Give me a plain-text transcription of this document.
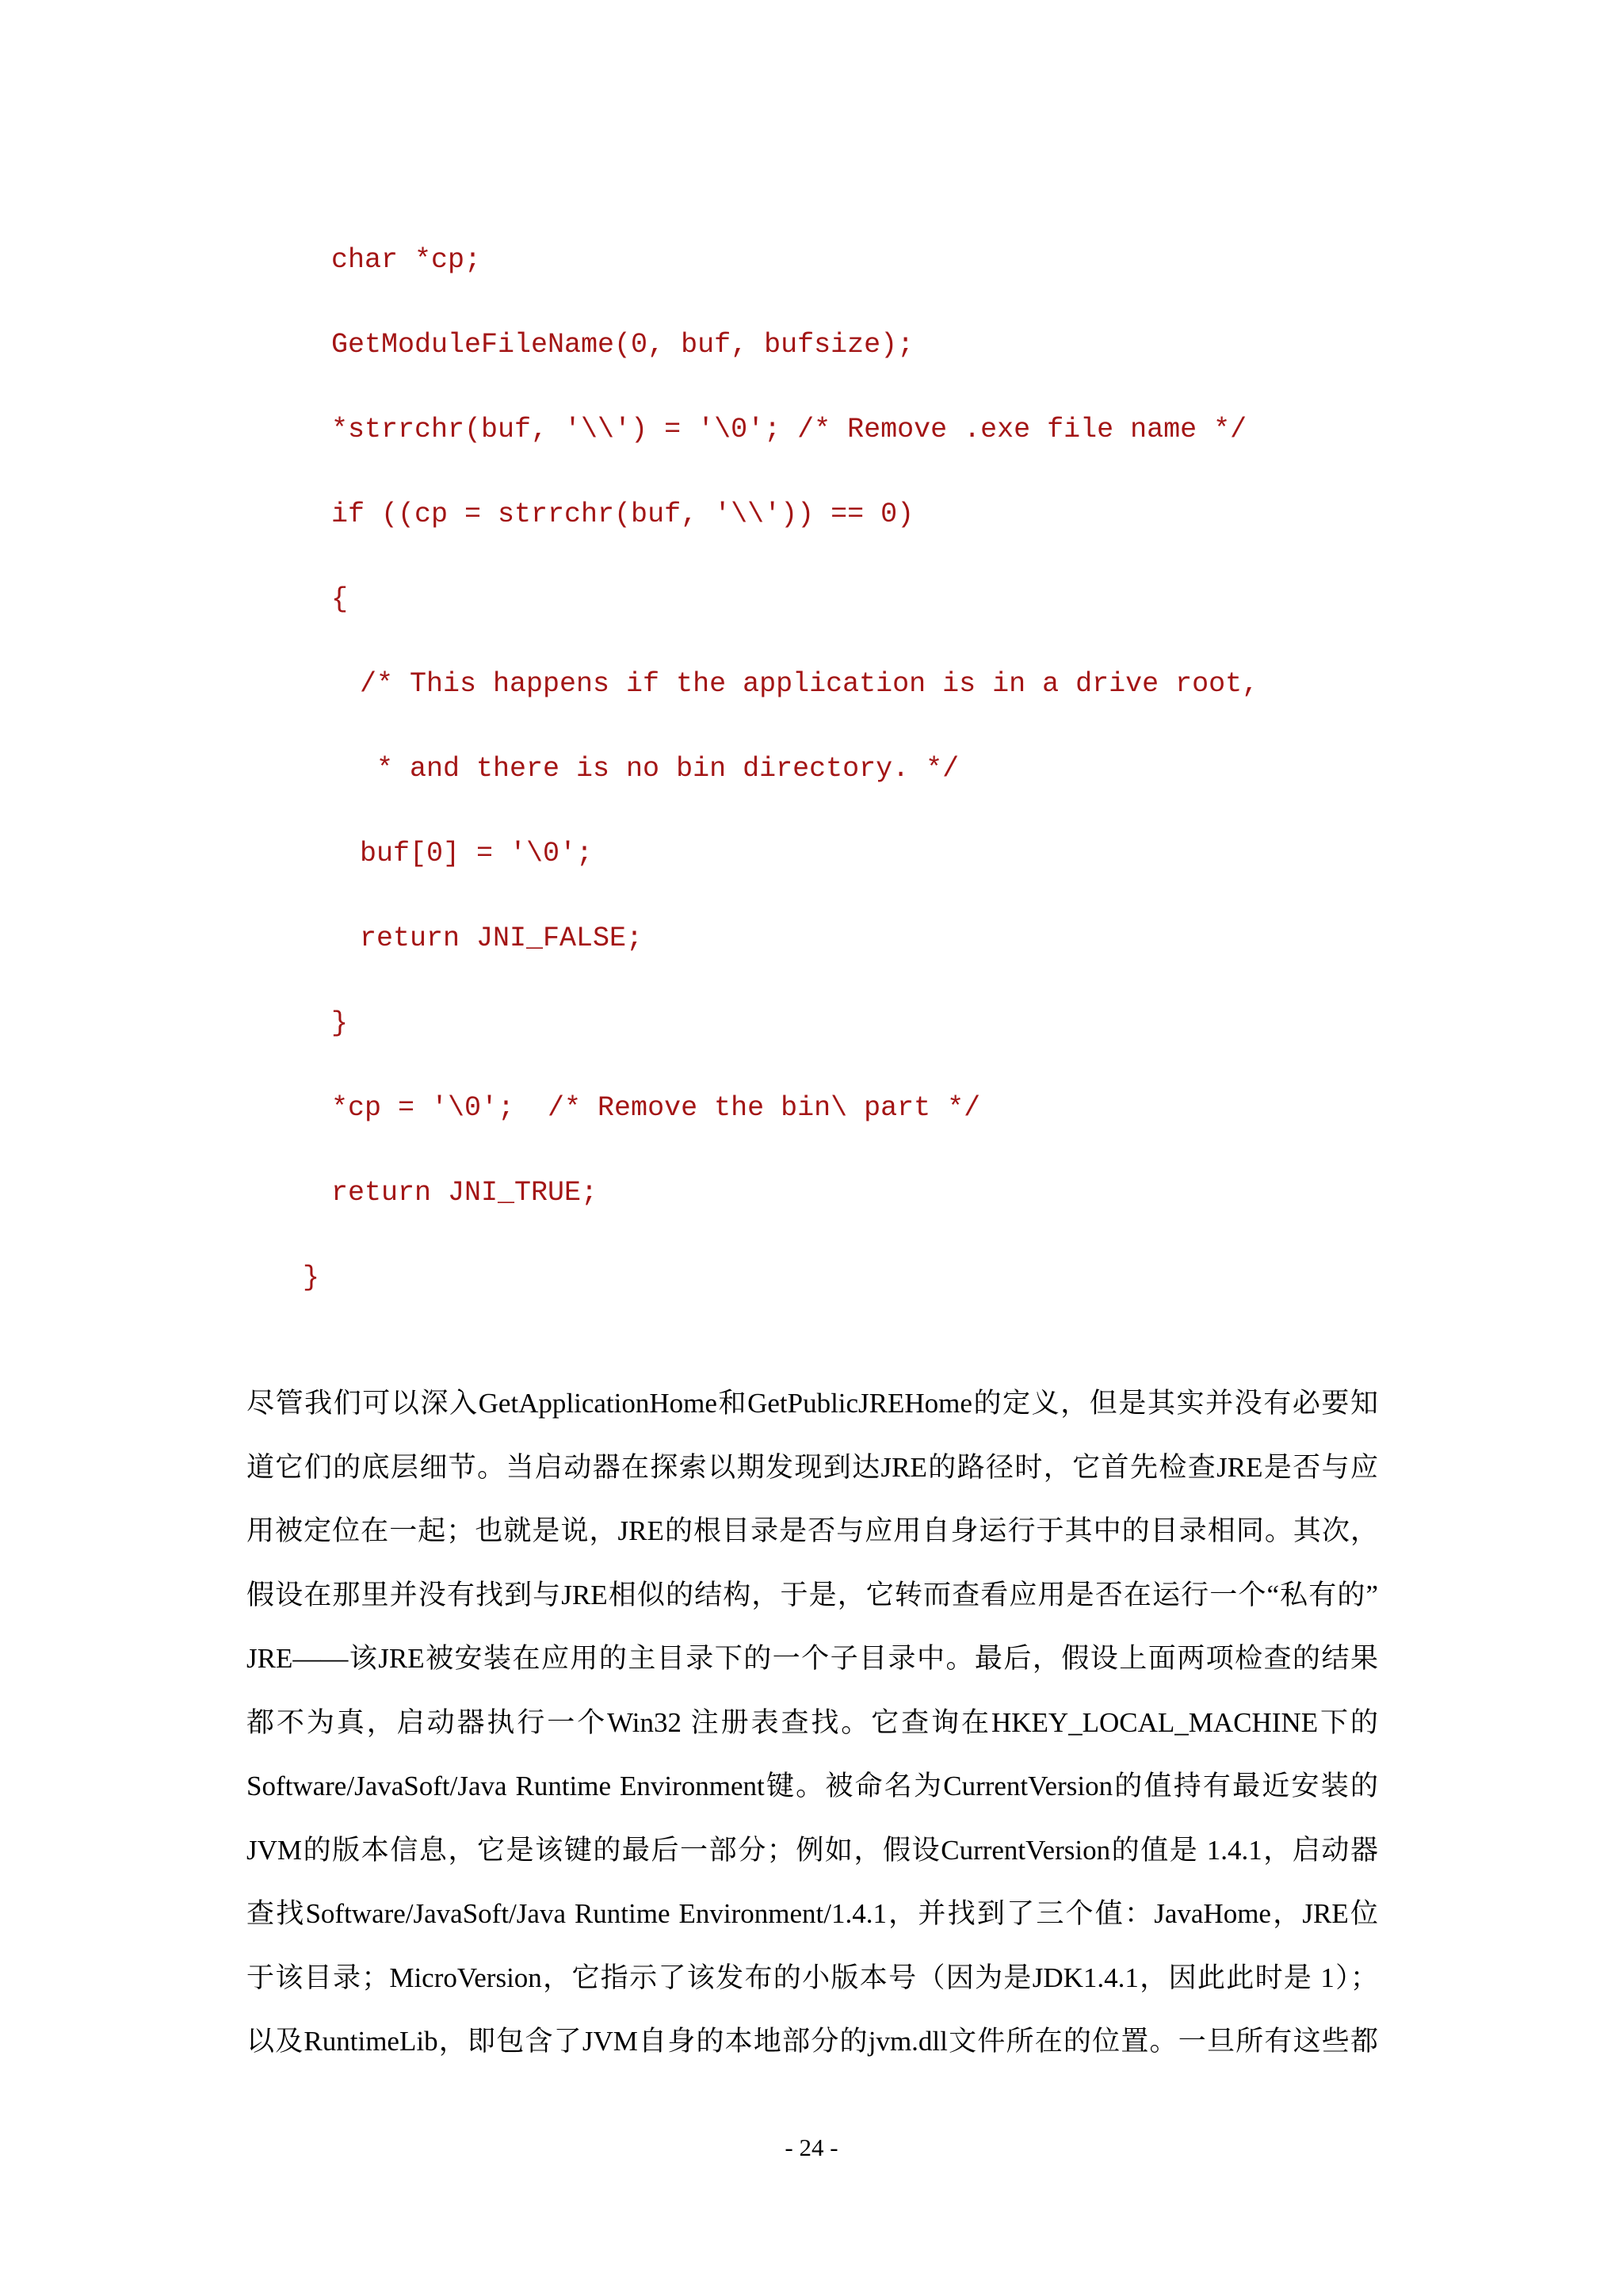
char *cp;
GetModuleFileName(0, buf, bufsize);
*strrchr(buf, '\\') = '\0'; /* Remove .exe file name */
if ((cp = strrchr(buf, '\\')) == 0)
{
/* This happens if the application is in a drive root,
* and there is no bin directory. */
buf[0] = '\0';
return JNI_FALSE;
}
*cp = '\0';  /* Remove the bin\ part */
return JNI_TRUE;
}
尽管我们可以深入GetApplicationHome和GetPublicJREHome的定义，但是其实并没有必要知
道它们的底层细节。当启动器在探索以期发现到达JRE的路径时，它首先检查JRE是否与应
用被定位在一起；也就是说，JRE的根目录是否与应用自身运行于其中的目录相同。其次，
假设在那里并没有找到与JRE相似的结构，于是，它转而查看应用是否在运行一个“私有的”
JRE——该JRE被安装在应用的主目录下的一个子目录中。最后，假设上面两项检查的结果
都不为真，启动器执行一个Win32 注册表查找。它查询在HKEY_LOCAL_MACHINE下的
Software/JavaSoft/Java Runtime Environment键。被命名为CurrentVersion的值持有最近安装的
JVM的版本信息，它是该键的最后一部分；例如，假设CurrentVersion的值是 1.4.1，启动器
查找Software/JavaSoft/Java Runtime Environment/1.4.1，并找到了三个值：JavaHome，JRE位
于该目录；MicroVersion，它指示了该发布的小版本号（因为是JDK1.4.1，因此此时是 1）；
以及RuntimeLib，即包含了JVM自身的本地部分的jvm.dll文件所在的位置。一旦所有这些都
- 24 -
